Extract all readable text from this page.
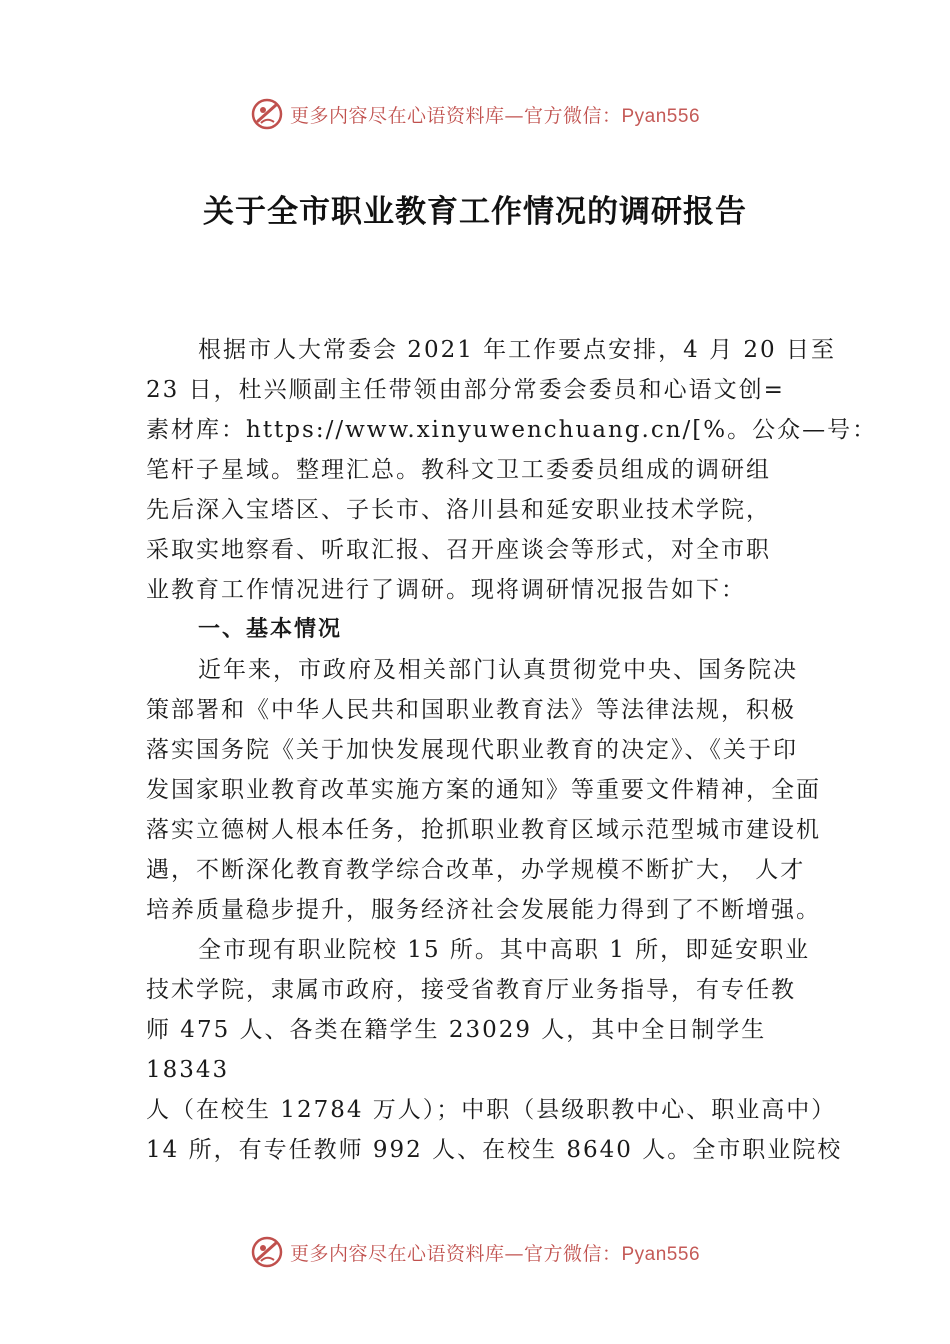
更多内容尽在心语资料库—官方微信：Pyan556
关于全市职业教育工作情况的调研报告

根据市人大常委会 2021 年工作要点安排，4 月 20 日至
23 日，杜兴顺副主任带领由部分常委会委员和心语文创=
素材库：https://www.xinyuwenchuang.cn/[%。公众—号：
笔杆子星域。整理汇总。教科文卫工委委员组成的调研组
先后深入宝塔区、子长市、洛川县和延安职业技术学院，
采取实地察看、听取汇报、召开座谈会等形式，对全市职
业教育工作情况进行了调研。现将调研情况报告如下：

一、基本情况

近年来，市政府及相关部门认真贯彻党中央、国务院决
策部署和《中华人民共和国职业教育法》等法律法规，积极
落实国务院《关于加快发展现代职业教育的决定》、《关于印
发国家职业教育改革实施方案的通知》等重要文件精神，全面
落实立德树人根本任务，抢抓职业教育区域示范型城市建设机
遇，不断深化教育教学综合改革，办学规模不断扩大， 人才
培养质量稳步提升，服务经济社会发展能力得到了不断增强。

全市现有职业院校 15 所。其中高职 1 所，即延安职业
技术学院，隶属市政府，接受省教育厅业务指导，有专任教
师 475 人、各类在籍学生 23029 人，其中全日制学生
18343
人（在校生 12784 万人）；中职（县级职教中心、职业高中）
14 所，有专任教师 992 人、在校生 8640 人。全市职业院校

更多内容尽在心语资料库—官方微信：Pyan556
